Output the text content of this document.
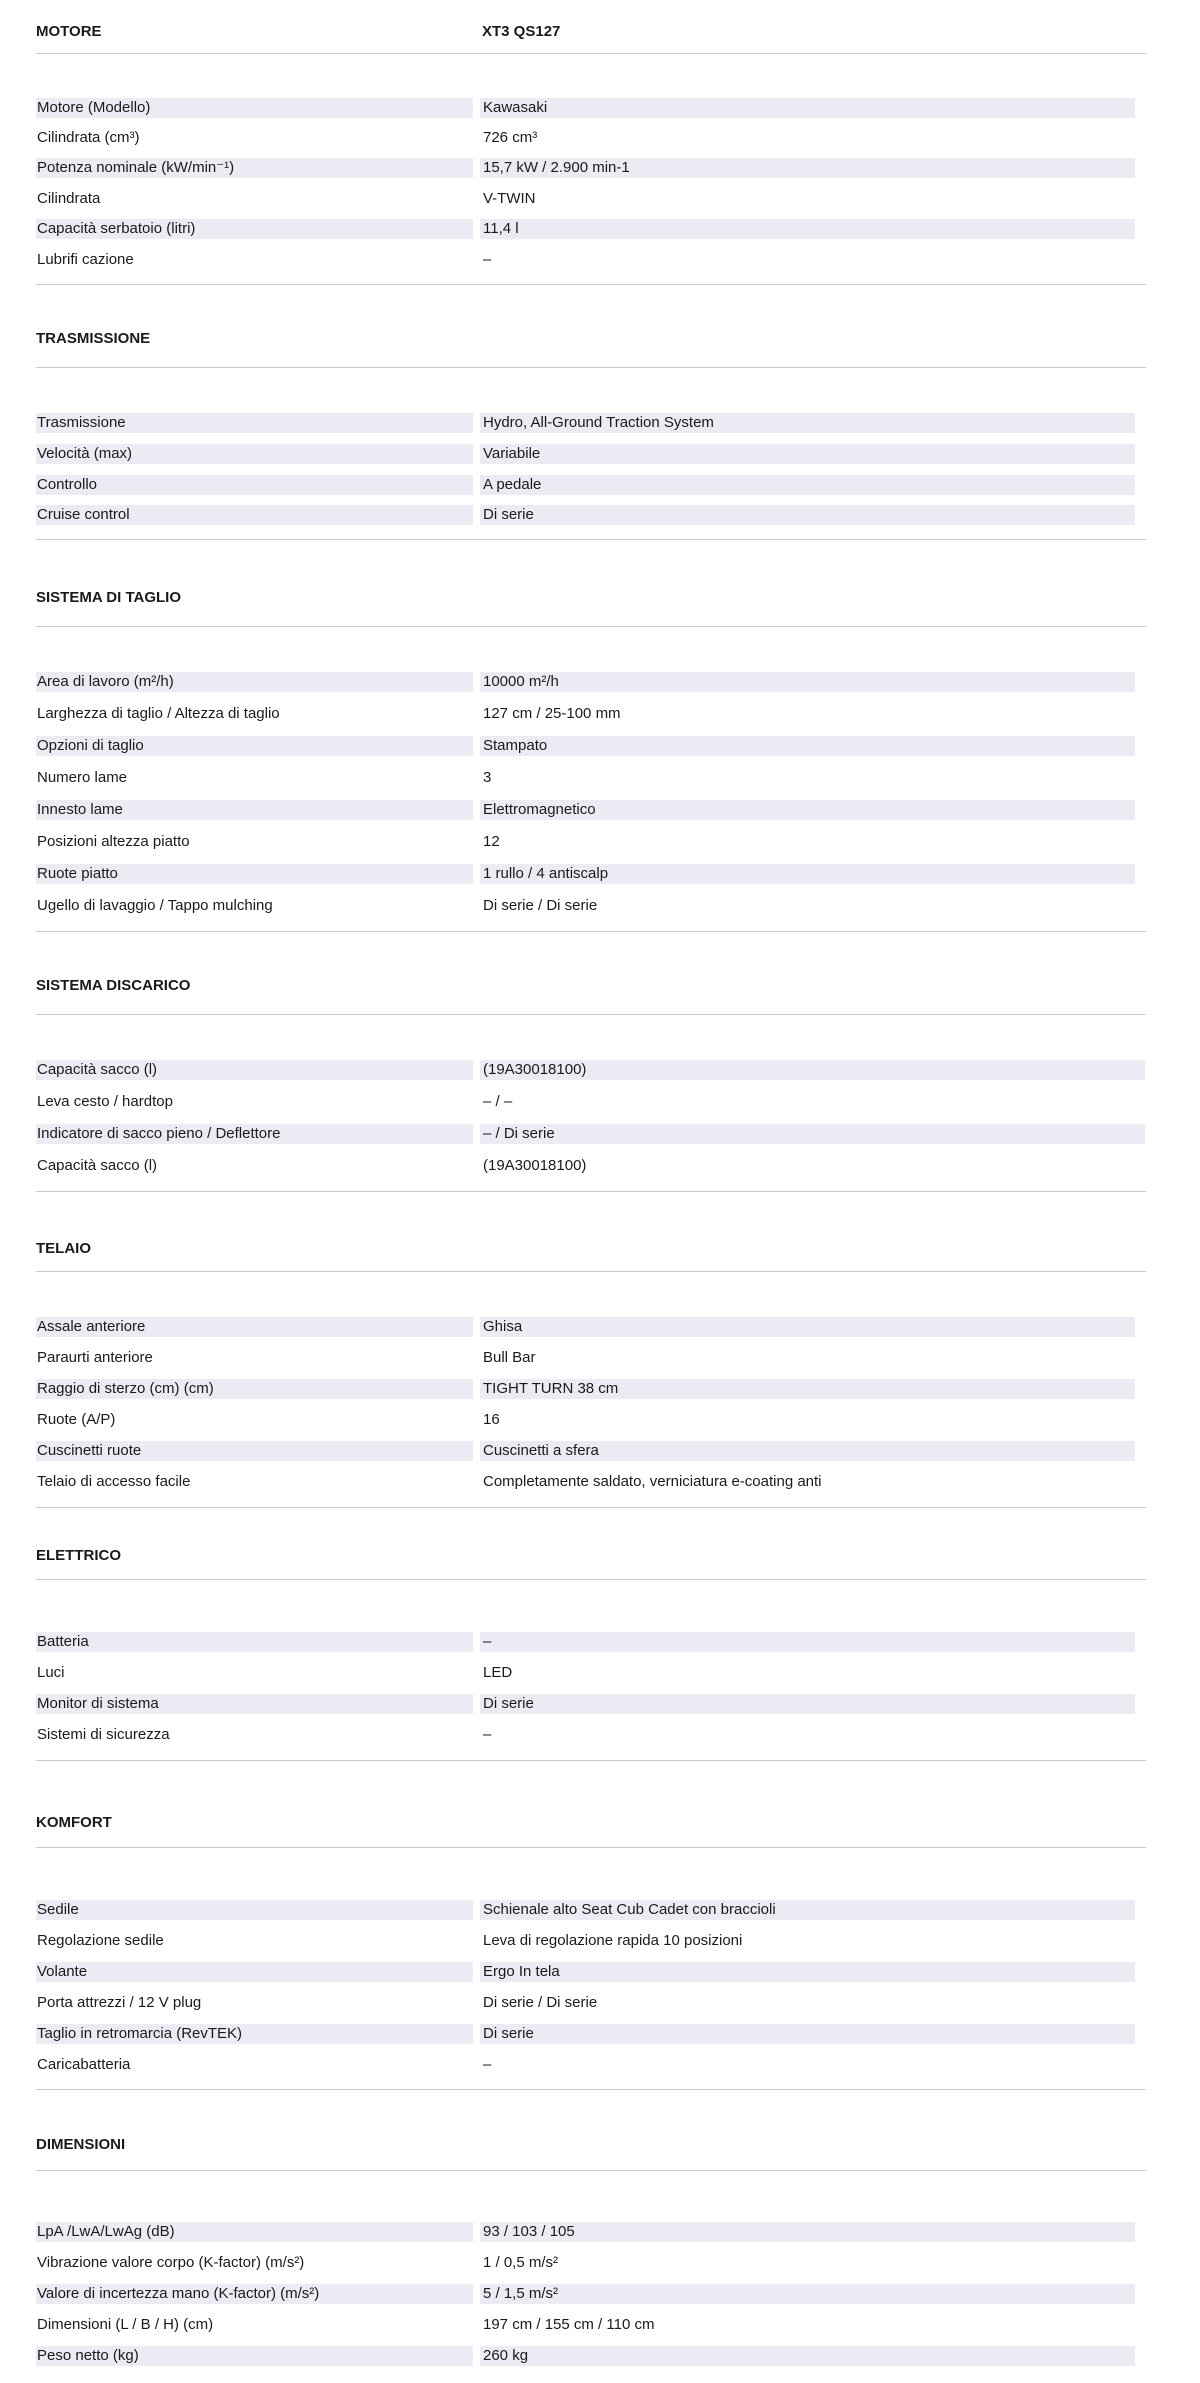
MOTORE	XT3 QS127
Motore (Modello)	Kawasaki
Cilindrata (cm³)	726 cm³
Potenza nominale (kW/min⁻¹)	15,7 kW / 2.900 min-1
Cilindrata	V-TWIN
Capacità serbatoio (litri)	11,4 l
Lubrifi cazione	–
TRASMISSIONE
Trasmissione	Hydro, All-Ground Traction System
Velocità (max)	Variabile
Controllo	A pedale
Cruise control	Di serie
SISTEMA DI TAGLIO
Area di lavoro (m²/h)	10000 m²/h
Larghezza di taglio / Altezza di taglio	127 cm / 25-100 mm
Opzioni di taglio	Stampato
Numero lame	3
Innesto lame	Elettromagnetico
Posizioni altezza piatto	12
Ruote piatto	1 rullo / 4 antiscalp
Ugello di lavaggio / Tappo mulching	Di serie / Di serie
SISTEMA DISCARICO
Capacità sacco (l)	(19A30018100)
Leva cesto / hardtop	– / –
Indicatore di sacco pieno / Deflettore	– / Di serie
Capacità sacco (l)	(19A30018100)
TELAIO
Assale anteriore	Ghisa
Paraurti anteriore	Bull Bar
Raggio di sterzo (cm) (cm)	TIGHT TURN 38 cm
Ruote (A/P)	16
Cuscinetti ruote	Cuscinetti a sfera
Telaio di accesso facile	Completamente saldato, verniciatura e-coating anti
ELETTRICO
Batteria	–
Luci	LED
Monitor di sistema	Di serie
Sistemi di sicurezza	–
KOMFORT
Sedile	Schienale alto Seat Cub Cadet con braccioli
Regolazione sedile	Leva di regolazione rapida 10 posizioni
Volante	Ergo In tela
Porta attrezzi / 12 V plug	Di serie / Di serie
Taglio in retromarcia (RevTEK)	Di serie
Caricabatteria	–
DIMENSIONI
LpA /LwA/LwAg (dB)	93 / 103 / 105
Vibrazione valore corpo (K-factor) (m/s²)	1 / 0,5 m/s²
Valore di incertezza mano (K-factor) (m/s²)	5 / 1,5 m/s²
Dimensioni (L / B / H) (cm)	197 cm / 155 cm / 110 cm
Peso netto (kg)	260 kg
